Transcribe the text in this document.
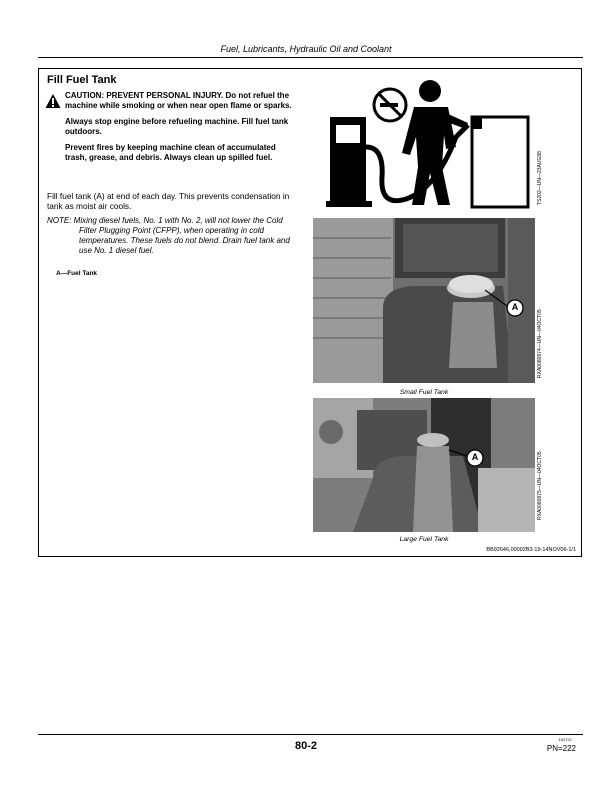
Fuel, Lubricants, Hydraulic Oil and Coolant
Fill Fuel Tank

CAUTION: PREVENT PERSONAL INJURY. Do not refuel the machine while smoking or when near open flame or sparks.

Always stop engine before refueling machine. Fill fuel tank outdoors.

Prevent fires by keeping machine clean of accumulated trash, grease, and debris. Always clean up spilled fuel.

Fill fuel tank (A) at end of each day. This prevents condensation in tank as moist air cools.
NOTE: Mixing diesel fuels, No. 1 with No. 2, will not lower the Cold Filter Plugging Point (CFPP), when operating in cold temperatures. These fuels do not blend. Drain fuel tank and use No. 1 diesel fuel.
A—Fuel Tank
TS202—UN—23AUG88
A
RXA0080974—UN—04OCT05
Small Fuel Tank
A	RXA0080975—UN—04OCT05
Large Fuel Tank
BB92646,00002B3-19-14NOV06-1/1
80-2
102721
PN=222
